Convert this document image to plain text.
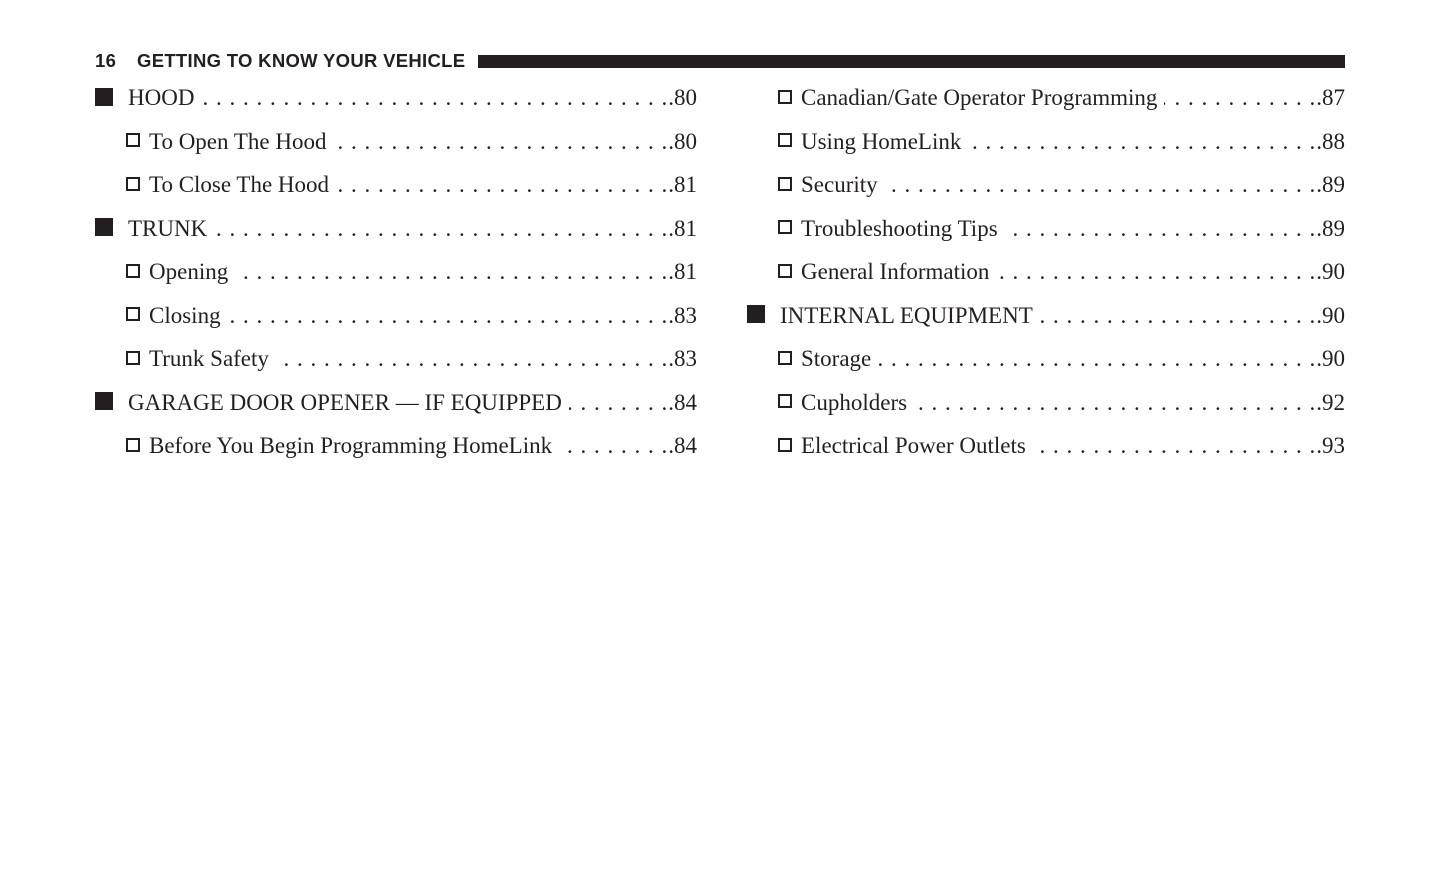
16	GETTING TO KNOW YOUR VEHICLE
HOOD . . .	. 80
To Open The Hood . . .	. 80
To Close The Hood . . .	. 81
TRUNK . . .	. 81
Opening . . .	. 81
Closing . . .	. 83
Trunk Safety . . .	. 83
GARAGE DOOR OPENER — IF EQUIPPED . . .	. 84
Before You Begin Programming HomeLink . . .	. 84
Canadian/Gate Operator Programming . . .	. 87
Using HomeLink . . .	. 88
Security . . .	. 89
Troubleshooting Tips . . .	. 89
General Information . . .	. 90
INTERNAL EQUIPMENT . . .	. 90
Storage . . .	. 90
Cupholders . . .	. 92
Electrical Power Outlets . . .	. 93
